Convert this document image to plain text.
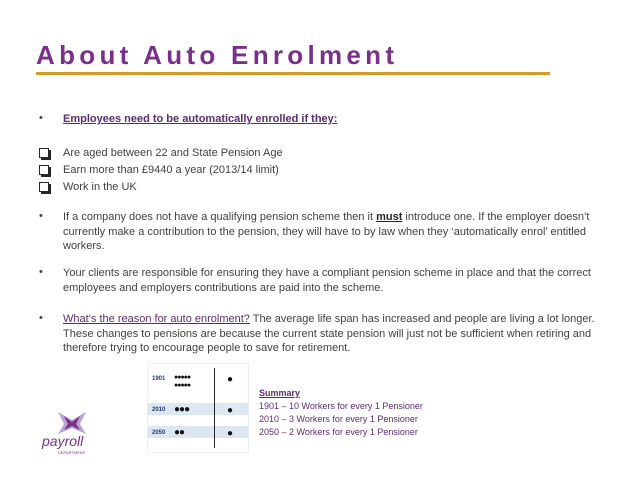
About Auto Enrolment
• Employees need to be automatically enrolled if they:
Are aged between 22 and State Pension Age
Earn more than £9440 a year (2013/14 limit)
Work in the UK
• If a company does not have a qualifying pension scheme then it must introduce one. If the employer doesn’t currently make a contribution to the pension, they will have to by law when they ‘automatically enrol’ entitled workers.
• Your clients are responsible for ensuring they have a compliant pension scheme in place and that the correct employees and employers contributions are paid into the scheme.
• What’s the reason for auto enrolment? The average life span has increased and people are living a lot longer. These changes to pensions are because the current state pension will just not be sufficient when retiring and therefore trying to encourage people to save for retirement.
1901 ●●●●●
●●●●●
●
2010 ●●●	●
2050 ●●	●
Summary
1901 – 10 Workers for every 1 Pensioner
2010 – 3 Workers for every 1 Pensioner
2050 – 2 Workers for every 1 Pensioner
payroll
DEPARTMENT
